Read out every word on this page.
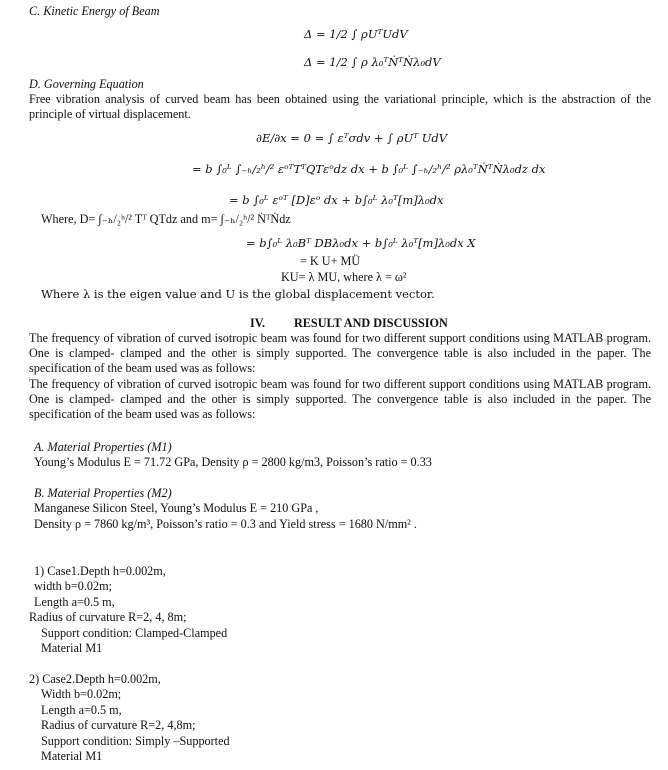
C. Kinetic Energy of Beam
Δ = 1/2 ∫ ρUᵀUdV
Δ = 1/2 ∫ ρ λ₀ᵀṄᵀṄλ₀dV
D. Governing Equation
Free vibration analysis of curved beam has been obtained using the variational principle, which is the abstraction of the principle of virtual displacement.
∂E/∂x = 0 = ∫ εᵀσdv + ∫ ρUᵀ UdV
= b ∫₀ᴸ ∫₋ₕ/₂ʰ/² εᵒᵀTᵀQTεᵒdz dx + b ∫₀ᴸ ∫₋ₕ/₂ʰ/² ρλ₀ᵀṄᵀṄλ₀dz dx
= b ∫₀ᴸ εᵒᵀ [D]εᵒ dx + b∫₀ᴸ λ₀ᵀ[m]λ₀dx
Where, D= ∫₋ₕ/₂ʰ/² Tᵀ QTdz and m= ∫₋ₕ/₂ʰ/² ṄᵀṄdz
= b∫₀ᴸ λ₀Bᵀ DBλ₀dx + b∫₀ᴸ λ₀ᵀ[m]λ₀dx X
= K U+ MÜ
KU= λ MU, where λ = ω²
Where λ is the eigen value and U is the global displacement vector.
IV. RESULT AND DISCUSSION
The frequency of vibration of curved isotropic beam was found for two different support conditions using MATLAB program. One is clamped- clamped and the other is simply supported. The convergence table is also included in the paper. The specification of the beam used was as follows:
The frequency of vibration of curved isotropic beam was found for two different support conditions using MATLAB program. One is clamped- clamped and the other is simply supported. The convergence table is also included in the paper. The specification of the beam used was as follows:
A. Material Properties (M1)
Young’s Modulus E = 71.72 GPa, Density ρ = 2800 kg/m3, Poisson’s ratio = 0.33
B. Material Properties (M2)
Manganese Silicon Steel, Young’s Modulus E = 210 GPa ,
Density ρ = 7860 kg/m³, Poisson’s ratio = 0.3 and Yield stress = 1680 N/mm² .
1) Case1.Depth h=0.002m,
width b=0.02m;
Length a=0.5 m,
Radius of curvature R=2, 4, 8m;
Support condition: Clamped-Clamped
Material M1
2) Case2.Depth h=0.002m,
Width b=0.02m;
Length a=0.5 m,
Radius of curvature R=2, 4,8m;
Support condition: Simply –Supported
Material M1
